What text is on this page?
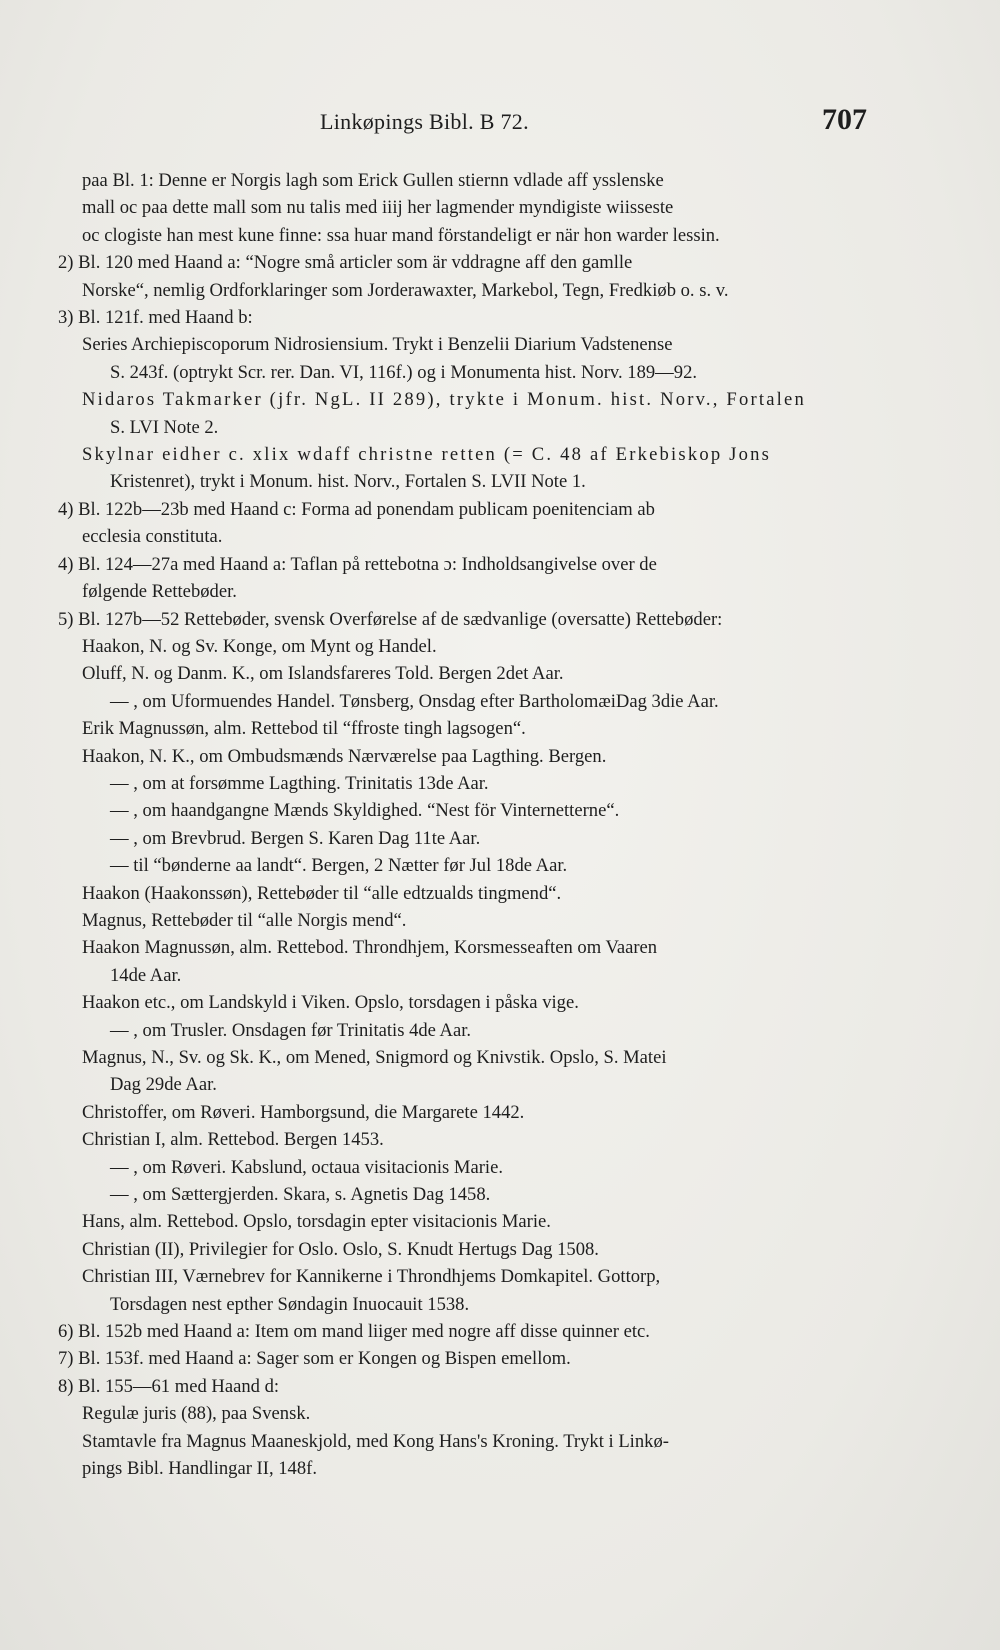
Linkøpings Bibl. B 72.	707
paa Bl. 1: Denne er Norgis lagh som Erick Gullen stiernn vdlade aff ysslenske
mall oc paa dette mall som nu talis med iiij her lagmender myndigiste wiisseste
oc clogiste han mest kune finne: ssa huar mand förstandeligt er när hon warder lessin.
2) Bl. 120 med Haand a: “Nogre små articler som är vddragne aff den gamlle
Norske“, nemlig Ordforklaringer som Jorderawaxter, Markebol, Tegn, Fredkiøb o. s. v.
3) Bl. 121f. med Haand b:
Series Archiepiscoporum Nidrosiensium. Trykt i Benzelii Diarium Vadstenense
S. 243f. (optrykt Scr. rer. Dan. VI, 116f.) og i Monumenta hist. Norv. 189—92.
Nidaros Takmarker (jfr. NgL. II 289), trykte i Monum. hist. Norv., Fortalen
S. LVI Note 2.
Skylnar eidher c. xlix wdaff christne retten (= C. 48 af Erkebiskop Jons
Kristenret), trykt i Monum. hist. Norv., Fortalen S. LVII Note 1.
4) Bl. 122b—23b med Haand c: Forma ad ponendam publicam poenitenciam ab
ecclesia constituta.
4) Bl. 124—27a med Haand a: Taflan på rettebotna ɔ: Indholdsangivelse over de
følgende Rettebøder.
5) Bl. 127b—52 Rettebøder, svensk Overførelse af de sædvanlige (oversatte) Rettebøder:
Haakon, N. og Sv. Konge, om Mynt og Handel.
Oluff, N. og Danm. K., om Islandsfareres Told. Bergen 2det Aar.
— , om Uformuendes Handel. Tønsberg, Onsdag efter BartholomæiDag 3die Aar.
Erik Magnussøn, alm. Rettebod til “ffroste tingh lagsogen“.
Haakon, N. K., om Ombudsmænds Nærværelse paa Lagthing. Bergen.
— , om at forsømme Lagthing. Trinitatis 13de Aar.
— , om haandgangne Mænds Skyldighed. “Nest för Vinternetterne“.
— , om Brevbrud. Bergen S. Karen Dag 11te Aar.
— til “bønderne aa landt“. Bergen, 2 Nætter før Jul 18de Aar.
Haakon (Haakonssøn), Rettebøder til “alle edtzualds tingmend“.
Magnus, Rettebøder til “alle Norgis mend“.
Haakon Magnussøn, alm. Rettebod. Throndhjem, Korsmesseaften om Vaaren
14de Aar.
Haakon etc., om Landskyld i Viken. Opslo, torsdagen i påska vige.
— , om Trusler. Onsdagen før Trinitatis 4de Aar.
Magnus, N., Sv. og Sk. K., om Mened, Snigmord og Knivstik. Opslo, S. Matei
Dag 29de Aar.
Christoffer, om Røveri. Hamborgsund, die Margarete 1442.
Christian I, alm. Rettebod. Bergen 1453.
— , om Røveri. Kabslund, octaua visitacionis Marie.
— , om Sættergjerden. Skara, s. Agnetis Dag 1458.
Hans, alm. Rettebod. Opslo, torsdagin epter visitacionis Marie.
Christian (II), Privilegier for Oslo. Oslo, S. Knudt Hertugs Dag 1508.
Christian III, Værnebrev for Kannikerne i Throndhjems Domkapitel. Gottorp,
Torsdagen nest epther Søndagin Inuocauit 1538.
6) Bl. 152b med Haand a: Item om mand liiger med nogre aff disse quinner etc.
7) Bl. 153f. med Haand a: Sager som er Kongen og Bispen emellom.
8) Bl. 155—61 med Haand d:
Regulæ juris (88), paa Svensk.
Stamtavle fra Magnus Maaneskjold, med Kong Hans's Kroning. Trykt i Linkø-
pings Bibl. Handlingar II, 148f.
